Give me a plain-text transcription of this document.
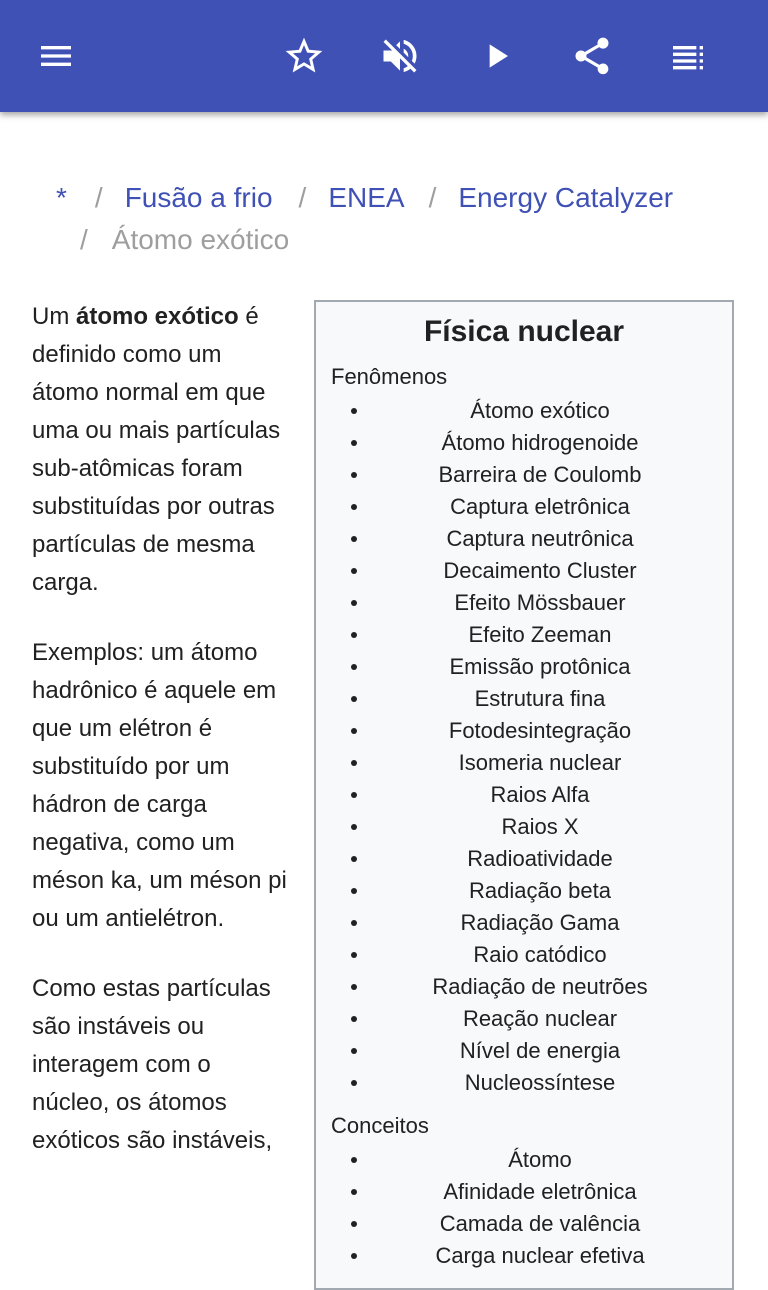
* / Fusão a frio / ENEA / Energy Catalyzer
/ Átomo exótico

Um átomo exótico é definido como um átomo normal em que uma ou mais partículas sub-atômicas foram substituídas por outras partículas de mesma carga.

Exemplos: um átomo hadrônico é aquele em que um elétron é substituído por um hádron de carga negativa, como um méson ka, um méson pi ou um antielétron.

Como estas partículas são instáveis ou interagem com o núcleo, os átomos exóticos são instáveis,

Física nuclear
Fenômenos
Átomo exótico
Átomo hidrogenoide
Barreira de Coulomb
Captura eletrônica
Captura neutrônica
Decaimento Cluster
Efeito Mössbauer
Efeito Zeeman
Emissão protônica
Estrutura fina
Fotodesintegração
Isomeria nuclear
Raios Alfa
Raios X
Radioatividade
Radiação beta
Radiação Gama
Raio catódico
Radiação de neutrões
Reação nuclear
Nível de energia
Nucleossíntese
Conceitos
Átomo
Afinidade eletrônica
Camada de valência
Carga nuclear efetiva
